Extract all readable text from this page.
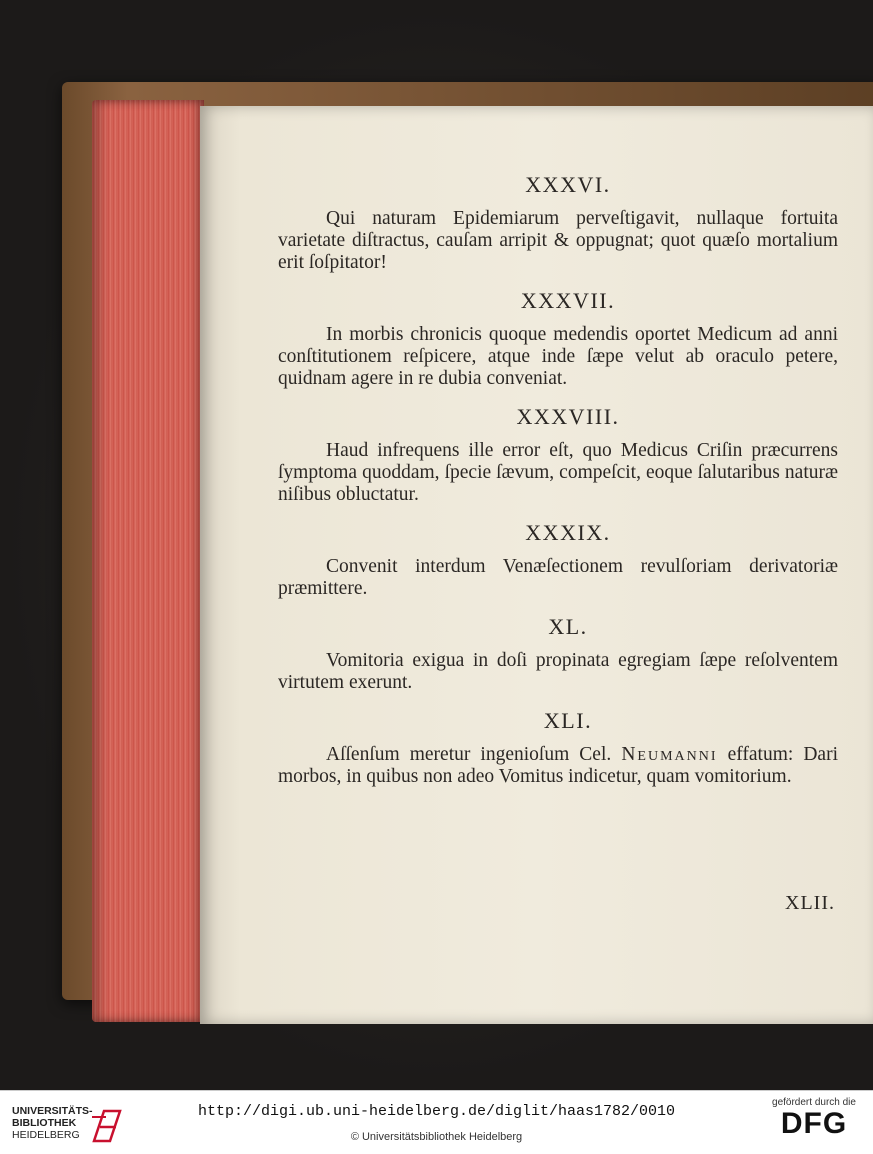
XXXVI.

Qui naturam Epidemiarum perveſtigavit, nullaque fortuita varietate diſtractus, cauſam arripit & oppugnat; quot quæſo mortalium erit ſoſpitator!

XXXVII.

In morbis chronicis quoque medendis oportet Medicum ad anni conſtitutionem reſpicere, atque inde ſæpe velut ab oraculo petere, quidnam agere in re dubia conveniat.

XXXVIII.

Haud infrequens ille error eſt, quo Medicus Criſin præcurrens ſymptoma quoddam, ſpecie ſævum, compeſcit, eoque ſalutaribus naturæ niſibus obluctatur.

XXXIX.

Convenit interdum Venæſectionem revulſoriam derivatoriæ præmittere.

XL.

Vomitoria exigua in doſi propinata egregiam ſæpe reſolventem virtutem exerunt.

XLI.

Aſſenſum meretur ingenioſum Cel. Neumanni effatum: Dari morbos, in quibus non adeo Vomitus indicetur, quam vomitorium.

XLII.
UNIVERSITÄTS-
BIBLIOTHEK
HEIDELBERG
http://digi.ub.uni-heidelberg.de/diglit/haas1782/0010
© Universitätsbibliothek Heidelberg
gefördert durch die
DFG
